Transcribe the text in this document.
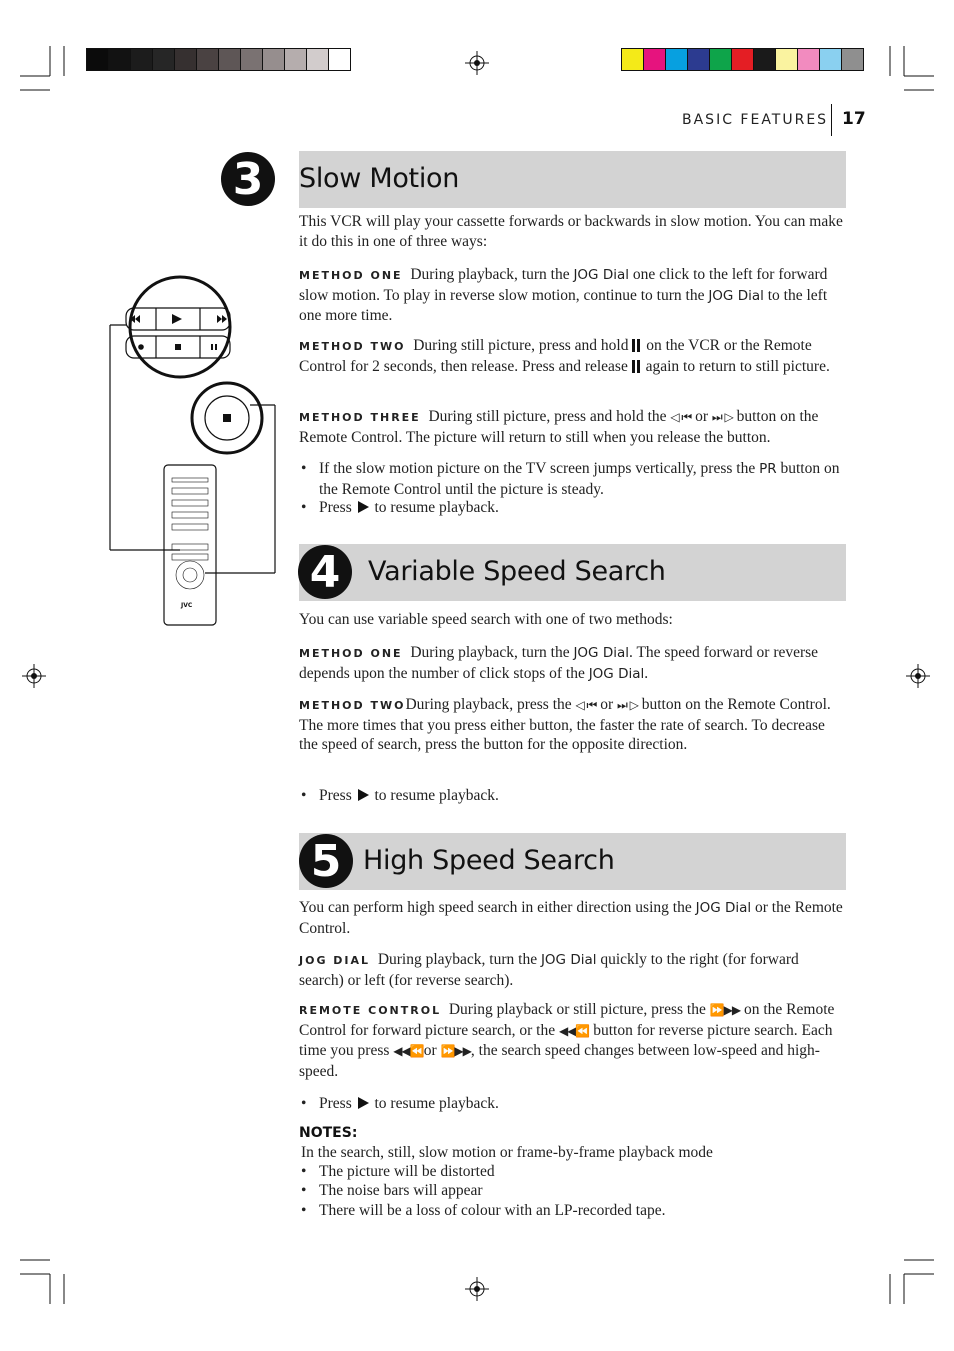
BASIC FEATURES 17
Slow Motion
3
This VCR will play your cassette forwards or backwards in slow motion. You can make it do this in one of three ways:
METHOD ONE During playback, turn the JOG Dial one click to the left for forward slow motion. To play in reverse slow motion, continue to turn the JOG Dial to the left one more time.
METHOD TWO During still picture, press and hold on the VCR or the Remote Control for 2 seconds, then release. Press and release again to return to still picture.
METHOD THREE During still picture, press and hold the ◁ ⏮ or ⏭ ▷ button on the Remote Control. The picture will return to still when you release the button.
• If the slow motion picture on the TV screen jumps vertically, press the PR button on the Remote Control until the picture is steady.
• Press to resume playback.
JVC
Variable Speed Search
4
You can use variable speed search with one of two methods:
METHOD ONE During playback, turn the JOG Dial. The speed forward or reverse depends upon the number of click stops of the JOG Dial.
METHOD TWODuring playback, press the ◁ ⏮ or ⏭ ▷ button on the Remote Control. The more times that you press either button, the faster the rate of search. To decrease the speed of search, press the button for the opposite direction.
• Press to resume playback.
High Speed Search
5
You can perform high speed search in either direction using the JOG Dial or the Remote Control.
JOG DIAL During playback, turn the JOG Dial quickly to the right (for forward search) or left (for reverse search).
REMOTE CONTROL During playback or still picture, press the ⏩▶▶ on the Remote Control for forward picture search, or the ◀◀⏪ button for reverse picture search. Each time you press ◀◀⏪or ⏩▶▶, the search speed changes between low-speed and high-speed.
• Press to resume playback.
NOTES:
In the search, still, slow motion or frame-by-frame playback mode
• The picture will be distorted
• The noise bars will appear
• There will be a loss of colour with an LP-recorded tape.
